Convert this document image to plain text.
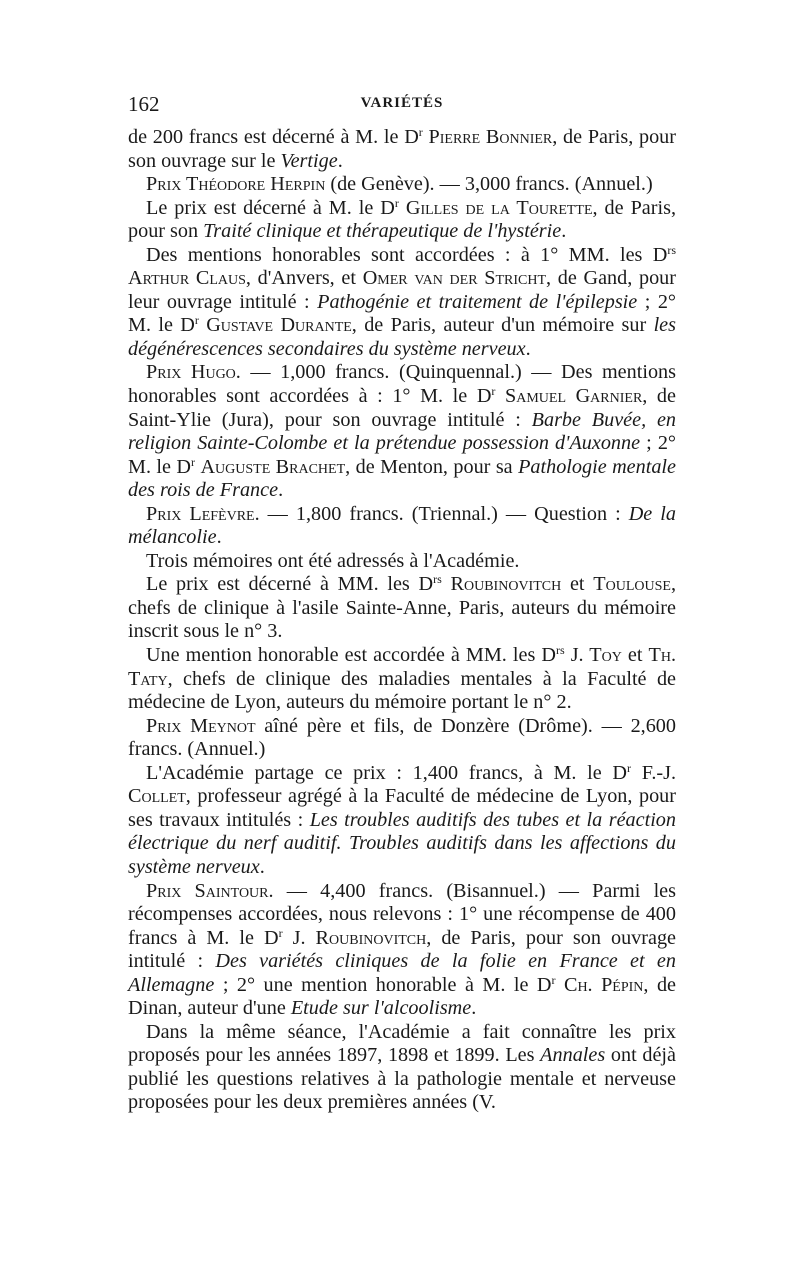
162	VARIÉTÉS

de 200 francs est décerné à M. le $D^r$ Pierre Bonnier, de Paris, pour son ouvrage sur le Vertige.

Prix Théodore Herpin (de Genève). — 3,000 francs. (Annuel.)

Le prix est décerné à M. le $D^r$ Gilles de la Tourette, de Paris, pour son Traité clinique et thérapeutique de l'hystérie.

Des mentions honorables sont accordées : à 1° MM. les $D^{rs}$ Arthur Claus, d'Anvers, et Omer van der Stricht, de Gand, pour leur ouvrage intitulé : Pathogénie et traitement de l'épilepsie ; 2° M. le $D^r$ Gustave Durante, de Paris, auteur d'un mémoire sur les dégénérescences secondaires du système nerveux.

Prix Hugo. — 1,000 francs. (Quinquennal.) — Des mentions honorables sont accordées à : 1° M. le $D^r$ Samuel Garnier, de Saint-Ylie (Jura), pour son ouvrage intitulé : Barbe Buvée, en religion Sainte-Colombe et la prétendue possession d'Auxonne ; 2° M. le $D^r$ Auguste Brachet, de Menton, pour sa Pathologie mentale des rois de France.

Prix Lefèvre. — 1,800 francs. (Triennal.) — Question : De la mélancolie.

Trois mémoires ont été adressés à l'Académie.

Le prix est décerné à MM. les $D^{rs}$ Roubinovitch et Toulouse, chefs de clinique à l'asile Sainte-Anne, Paris, auteurs du mémoire inscrit sous le n° 3.

Une mention honorable est accordée à MM. les $D^{rs}$ J. Toy et Th. Taty, chefs de clinique des maladies mentales à la Faculté de médecine de Lyon, auteurs du mémoire portant le n° 2.

Prix Meynot aîné père et fils, de Donzère (Drôme). — 2,600 francs. (Annuel.)

L'Académie partage ce prix : 1,400 francs, à M. le $D^r$ F.-J. Collet, professeur agrégé à la Faculté de médecine de Lyon, pour ses travaux intitulés : Les troubles auditifs des tubes et la réaction électrique du nerf auditif. Troubles auditifs dans les affections du système nerveux.

Prix Saintour. — 4,400 francs. (Bisannuel.) — Parmi les récompenses accordées, nous relevons : 1° une récompense de 400 francs à M. le $D^r$ J. Roubinovitch, de Paris, pour son ouvrage intitulé : Des variétés cliniques de la folie en France et en Allemagne ; 2° une mention honorable à M. le $D^r$ Ch. Pépin, de Dinan, auteur d'une Etude sur l'alcoolisme.

Dans la même séance, l'Académie a fait connaître les prix proposés pour les années 1897, 1898 et 1899. Les Annales ont déjà publié les questions relatives à la pathologie mentale et nerveuse proposées pour les deux premières années (V.
